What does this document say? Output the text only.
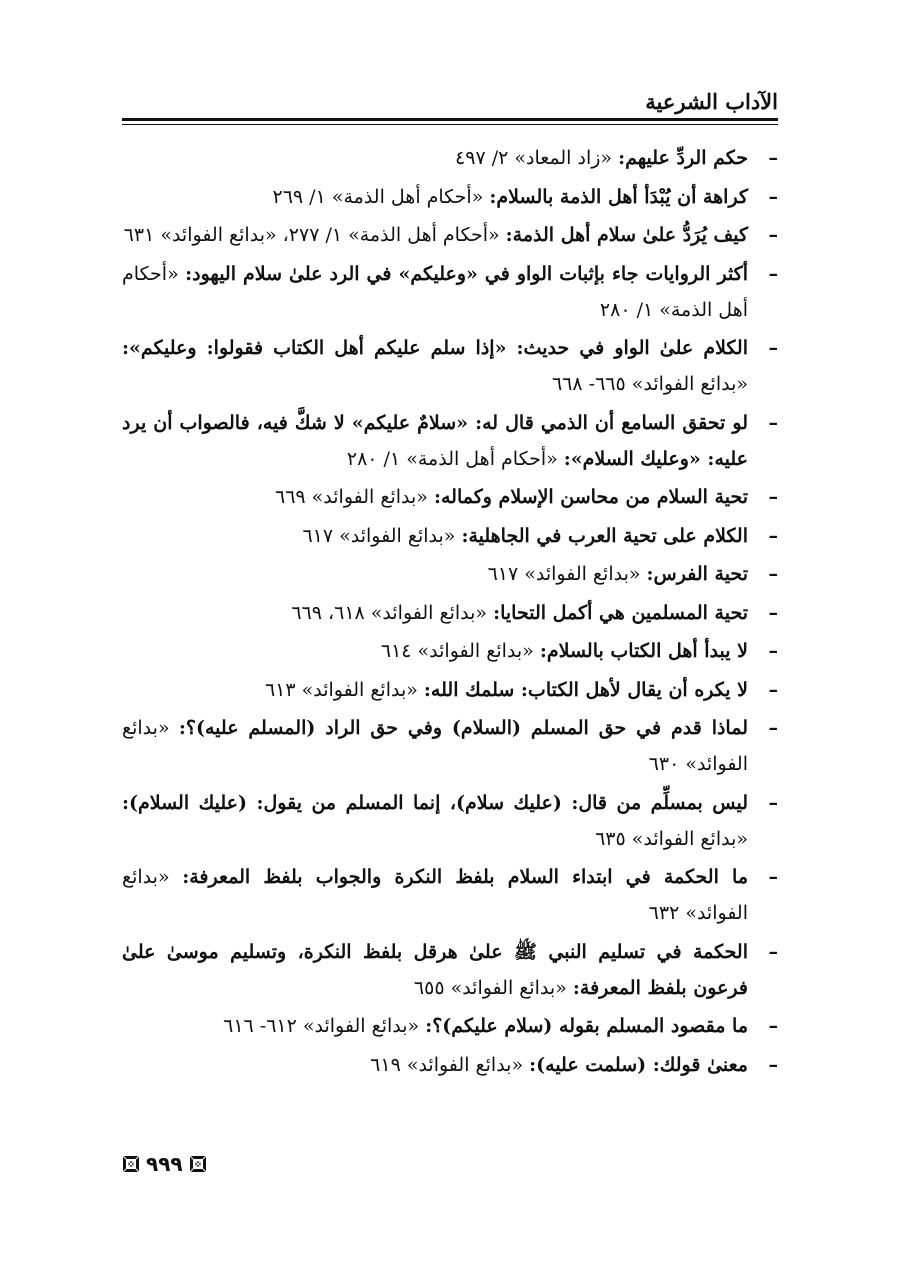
الآداب الشرعية
–
حكم الردِّ عليهم: «زاد المعاد» ٢/ ٤٩٧
–
كراهة أن يُبْدَأ أهل الذمة بالسلام: «أحكام أهل الذمة» ١/ ٢٦٩
–
كيف يُرَدُّ علىٰ سلام أهل الذمة: «أحكام أهل الذمة» ١/ ٢٧٧، «بدائع الفوائد» ٦٣١
–
أكثر الروايات جاء بإثبات الواو في «وعليكم» في الرد علىٰ سلام اليهود: «أحكام أهل الذمة» ١/ ٢٨٠
–
الكلام علىٰ الواو في حديث: «إذا سلم عليكم أهل الكتاب فقولوا: وعليكم»: «بدائع الفوائد» ٦٦٥- ٦٦٨
–
لو تحقق السامع أن الذمي قال له: «سلامٌ عليكم» لا شكَّ فيه، فالصواب أن يرد عليه: «وعليك السلام»: «أحكام أهل الذمة» ١/ ٢٨٠
–
تحية السلام من محاسن الإسلام وكماله: «بدائع الفوائد» ٦٦٩
–
الكلام على تحية العرب في الجاهلية: «بدائع الفوائد» ٦١٧
–
تحية الفرس: «بدائع الفوائد» ٦١٧
–
تحية المسلمين هي أكمل التحايا: «بدائع الفوائد» ٦١٨، ٦٦٩
–
لا يبدأ أهل الكتاب بالسلام: «بدائع الفوائد» ٦١٤
–
لا يكره أن يقال لأهل الكتاب: سلمك الله: «بدائع الفوائد» ٦١٣
–
لماذا قدم في حق المسلم (السلام) وفي حق الراد (المسلم عليه)؟: «بدائع الفوائد» ٦٣٠
–
ليس بمسلِّم من قال: (عليك سلام)، إنما المسلم من يقول: (عليك السلام): «بدائع الفوائد» ٦٣٥
–
ما الحكمة في ابتداء السلام بلفظ النكرة والجواب بلفظ المعرفة: «بدائع الفوائد» ٦٣٢
–
الحكمة في تسليم النبي ﷺ علىٰ هرقل بلفظ النكرة، وتسليم موسىٰ علىٰ فرعون بلفظ المعرفة: «بدائع الفوائد» ٦٥٥
–
ما مقصود المسلم بقوله (سلام عليكم)؟: «بدائع الفوائد» ٦١٢- ٦١٦
–
معنىٰ قولك: (سلمت عليه): «بدائع الفوائد» ٦١٩
٩٩٩
